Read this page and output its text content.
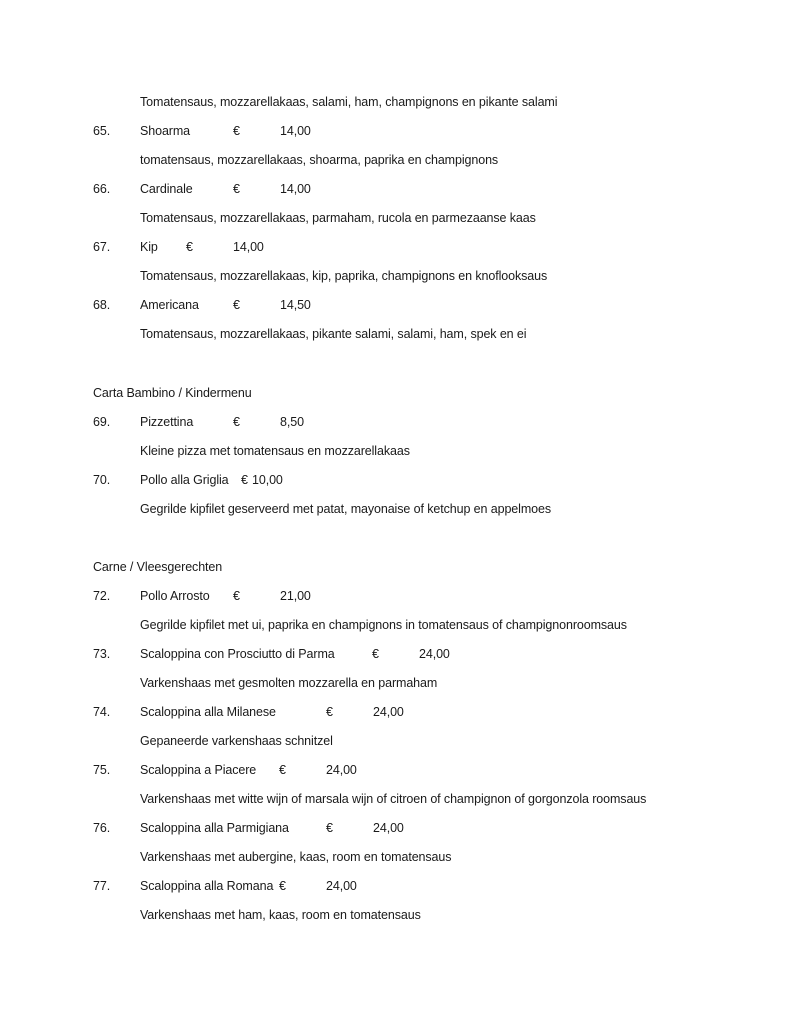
Tomatensaus, mozzarellakaas, salami, ham, champignons en pikante salami
65. Shoarma	€	14,00
tomatensaus, mozzarellakaas, shoarma, paprika en champignons
66. Cardinale	€	14,00
Tomatensaus, mozzarellakaas, parmaham, rucola en parmezaanse kaas
67. Kip €	14,00
Tomatensaus, mozzarellakaas, kip, paprika, champignons en knoflooksaus
68. Americana	€	14,50
Tomatensaus, mozzarellakaas, pikante salami, salami, ham, spek en ei
Carta Bambino / Kindermenu
69. Pizzettina	€	8,50
Kleine pizza met tomatensaus en mozzarellakaas
70. Pollo alla Griglia € 10,00
Gegrilde kipfilet geserveerd met patat, mayonaise of ketchup en appelmoes
Carne / Vleesgerechten
72. Pollo Arrosto €	21,00
Gegrilde kipfilet met ui, paprika en champignons in tomatensaus of champignonroomsaus
73. Scaloppina con Prosciutto di Parma	€	24,00
Varkenshaas met gesmolten mozzarella en parmaham
74. Scaloppina alla Milanese	€	24,00
Gepaneerde varkenshaas schnitzel
75. Scaloppina a Piacere €	24,00
Varkenshaas met witte wijn of marsala wijn of citroen of champignon of gorgonzola roomsaus
76. Scaloppina alla Parmigiana	€	24,00
Varkenshaas met aubergine, kaas, room en tomatensaus
77. Scaloppina alla Romana €	24,00
Varkenshaas met ham, kaas, room en tomatensaus
